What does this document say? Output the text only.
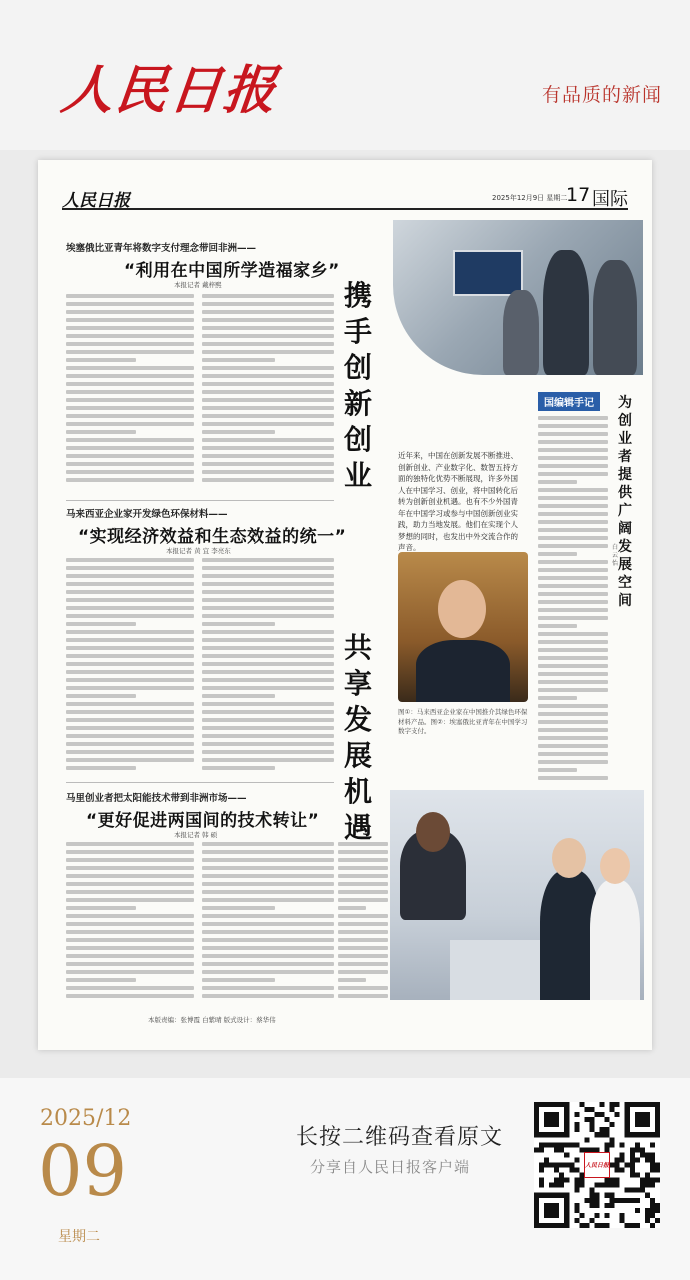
人民日报	有品质的新闻
人民日报	2025年12月9日 星期二
17 国际
埃塞俄比亚青年将数字支付理念带回非洲——
“利用在中国所学造福家乡”
本报记者 戴梓熙
马来西亚企业家开发绿色环保材料——
“实现经济效益和生态效益的统一”
本报记者 黄 宜 李亮东
马里创业者把太阳能技术带到非洲市场——
“更好促进两国间的技术转让”
本报记者 韩 硕
携手创新创业
共享发展机遇
近年来，中国在创新发展不断推进、创新创业、产业数字化、数智五持方面的独特化优势不断展现，许多外国人在中国学习、创业，将中国转化后转为创新创业机遇。也有不少外国青年在中国学习或参与中国创新创业实践，助力当地发展。他们在实现个人梦想的同时，也发出中外交流合作的声音。
图①：马来西亚企业家在中国推介其绿色环保材料产品。图②：埃塞俄比亚青年在中国学习数字支付。
国编辑手记	为创业者提供广阔发展空间
白云怡
本版责编：张博霞 白紫晴 版式设计：蔡华伟
2025/12
09
星期二
长按二维码查看原文
分享自人民日报客户端	人民日报
